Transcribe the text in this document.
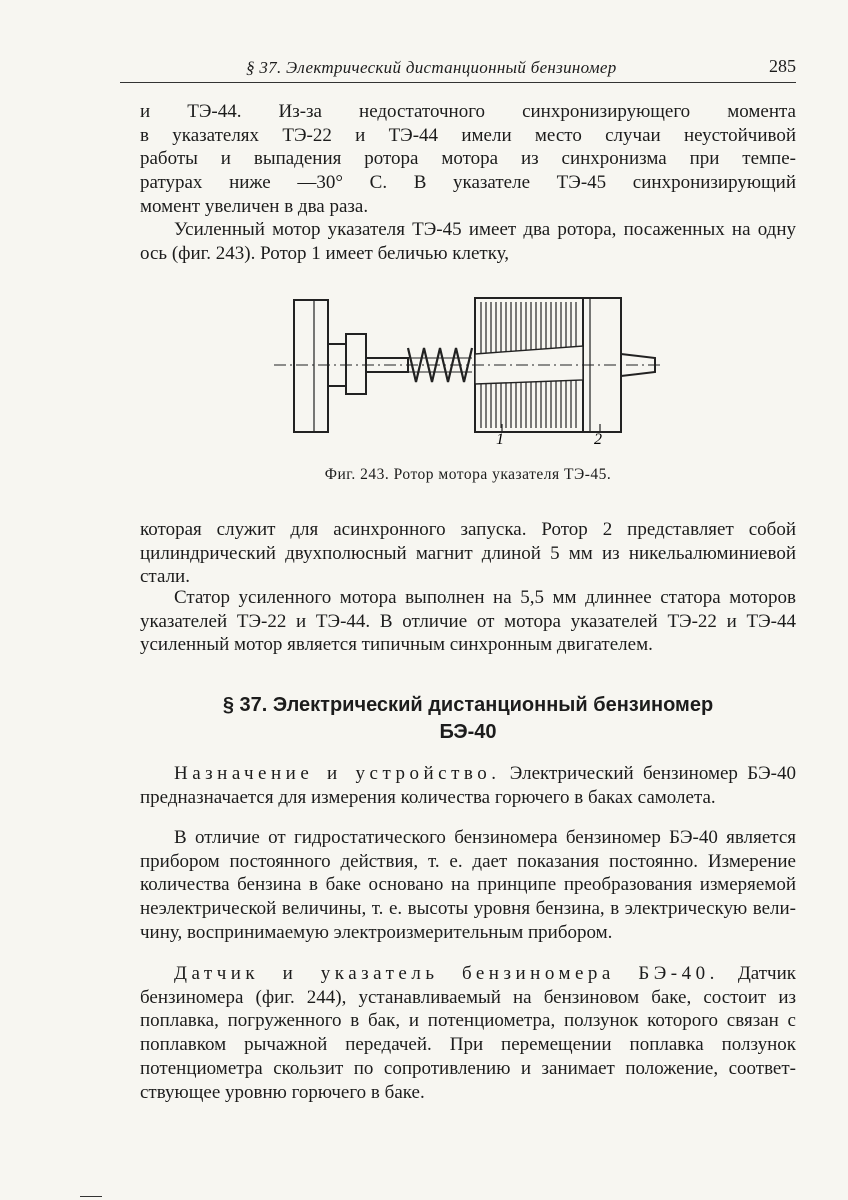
§ 37. Электрический дистанционный бензиномер	285
и ТЭ-44. Из-за недостаточного синхронизирующего момента
в указателях ТЭ-22 и ТЭ-44 имели место случаи неустойчивой
работы и выпадения ротора мотора из синхронизма при темпе-
ратурах ниже —30° С. В указателе ТЭ-45 синхронизирующий
момент увеличен в два раза.

Усиленный мотор указателя ТЭ-45 имеет два ротора, посаженных на одну ось (фиг. 243). Ротор 1 имеет беличью клетку,

1	2
Фиг. 243. Ротор мотора указателя ТЭ-45.

которая служит для асинхронного запуска. Ротор 2 представляет собой цилиндрический двухполюсный магнит длиной 5 мм из никельалюминиевой стали.

Статор усиленного мотора выполнен на 5,5 мм длиннее статора моторов указателей ТЭ-22 и ТЭ-44. В отличие от мотора указателей ТЭ-22 и ТЭ-44 усиленный мотор является типичным синхронным двигателем.

§ 37. Электрический дистанционный бензиномер
БЭ-40

Назначение и устройство. Электрический бензиномер БЭ-40 предназначается для измерения количества горючего в баках самолета.

В отличие от гидростатического бензиномера бензиномер БЭ-40 является прибором постоянного действия, т. е. дает показания постоянно. Измерение количества бензина в баке основано на принципе преобразования измеряемой неэлектрической величины, т. е. высоты уровня бензина, в электрическую величину, воспринимаемую электроизмерительным прибором.

Датчик и указатель бензиномера БЭ-40. Датчик бензиномера (фиг. 244), устанавливаемый на бензиновом баке, состоит из поплавка, погруженного в бак, и потенциометра, ползунок которого связан с поплавком рычажной передачей. При перемещении поплавка ползунок потенциометра скользит по сопротивлению и занимает положение, соответствующее уровню горючего в баке.
